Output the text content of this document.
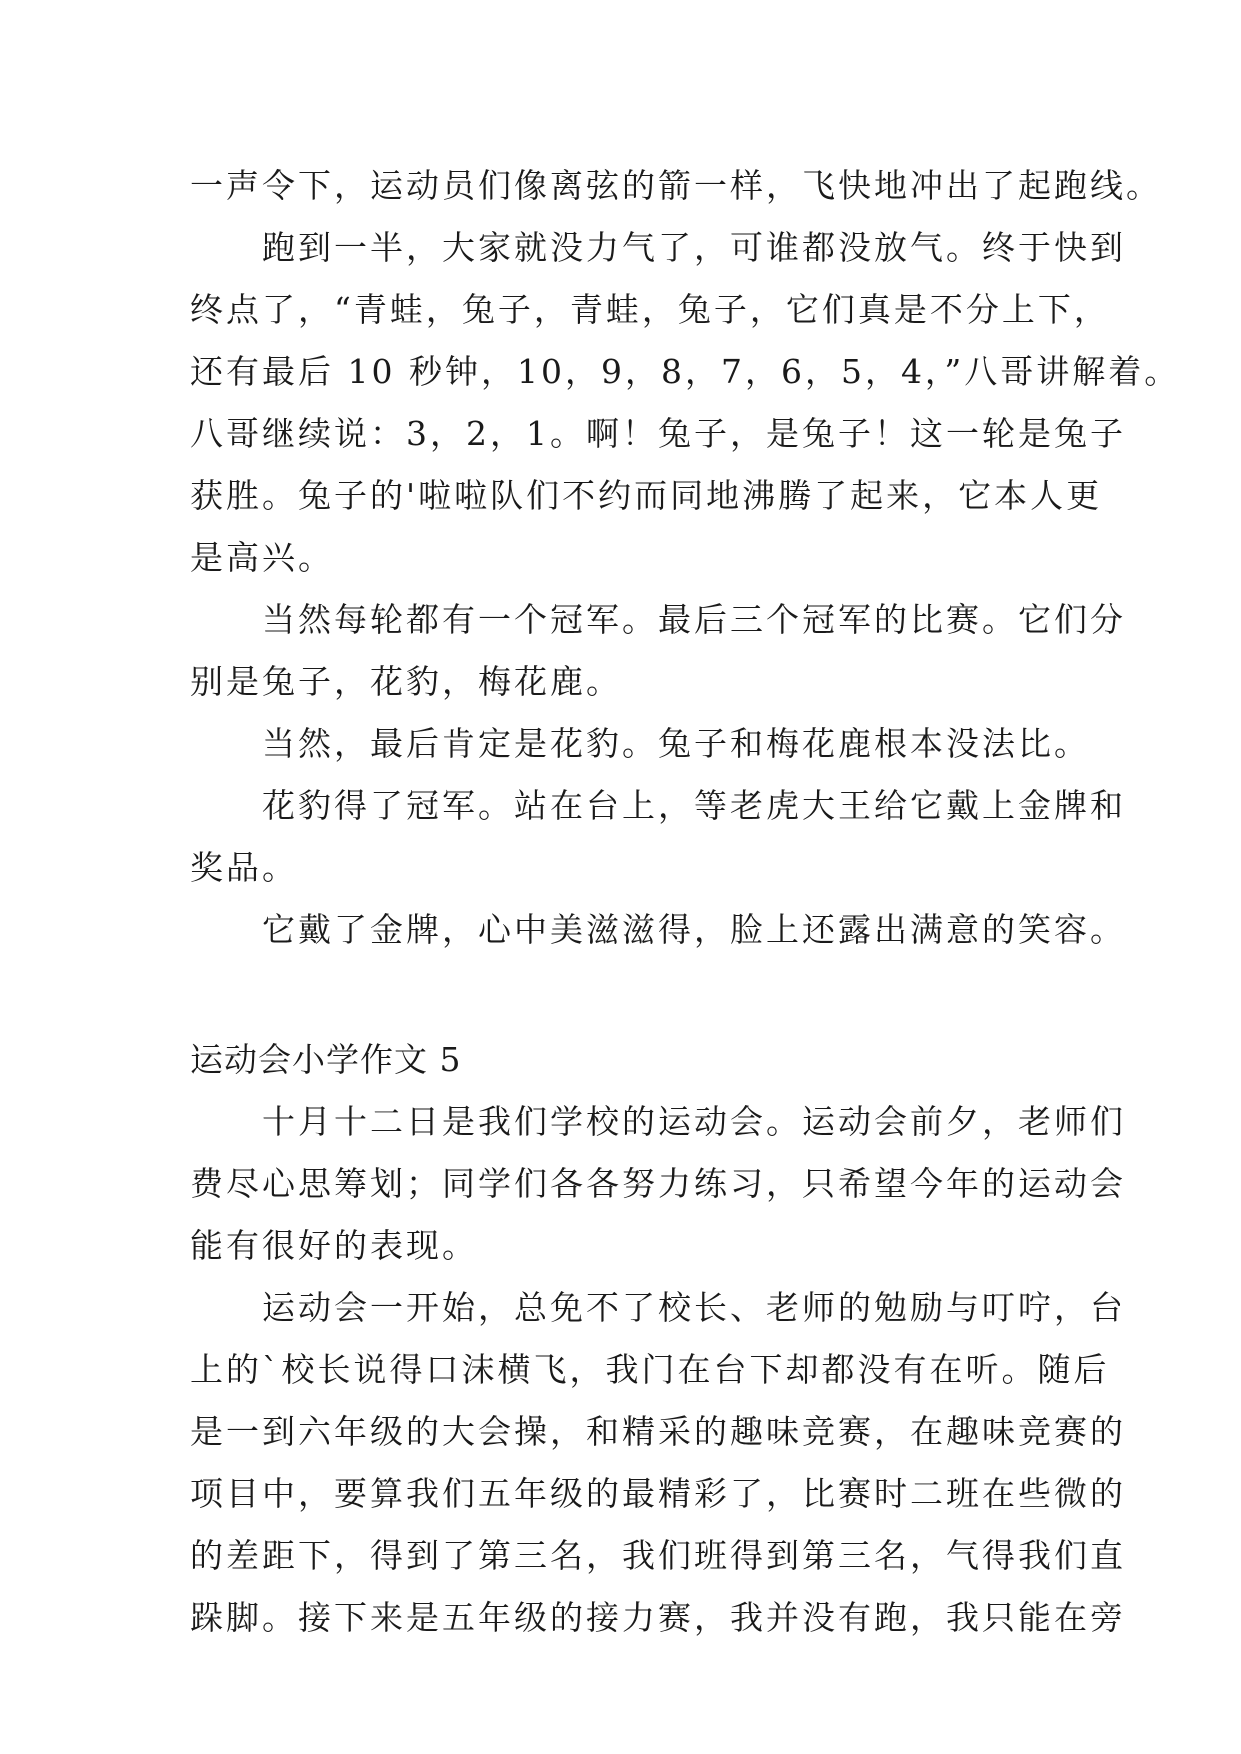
一声令下，运动员们像离弦的箭一样，飞快地冲出了起跑线。
　　跑到一半，大家就没力气了，可谁都没放气。终于快到
终点了，“青蛙，兔子，青蛙，兔子，它们真是不分上下，
还有最后 10 秒钟，10，9，8，7，6，5，4，”八哥讲解着。
八哥继续说：3，2，1。啊！兔子，是兔子！这一轮是兔子
获胜。兔子的'啦啦队们不约而同地沸腾了起来，它本人更
是高兴。
　　当然每轮都有一个冠军。最后三个冠军的比赛。它们分
别是兔子，花豹，梅花鹿。
　　当然，最后肯定是花豹。兔子和梅花鹿根本没法比。
　　花豹得了冠军。站在台上，等老虎大王给它戴上金牌和
奖品。
　　它戴了金牌，心中美滋滋得，脸上还露出满意的笑容。
运动会小学作文 5
　　十月十二日是我们学校的运动会。运动会前夕，老师们
费尽心思筹划；同学们各各努力练习，只希望今年的运动会
能有很好的表现。
　　运动会一开始，总免不了校长、老师的勉励与叮咛，台
上的`校长说得口沫横飞，我门在台下却都没有在听。随后
是一到六年级的大会操，和精采的趣味竞赛，在趣味竞赛的
项目中，要算我们五年级的最精彩了，比赛时二班在些微的
的差距下，得到了第三名，我们班得到第三名，气得我们直
跺脚。接下来是五年级的接力赛，我并没有跑，我只能在旁
